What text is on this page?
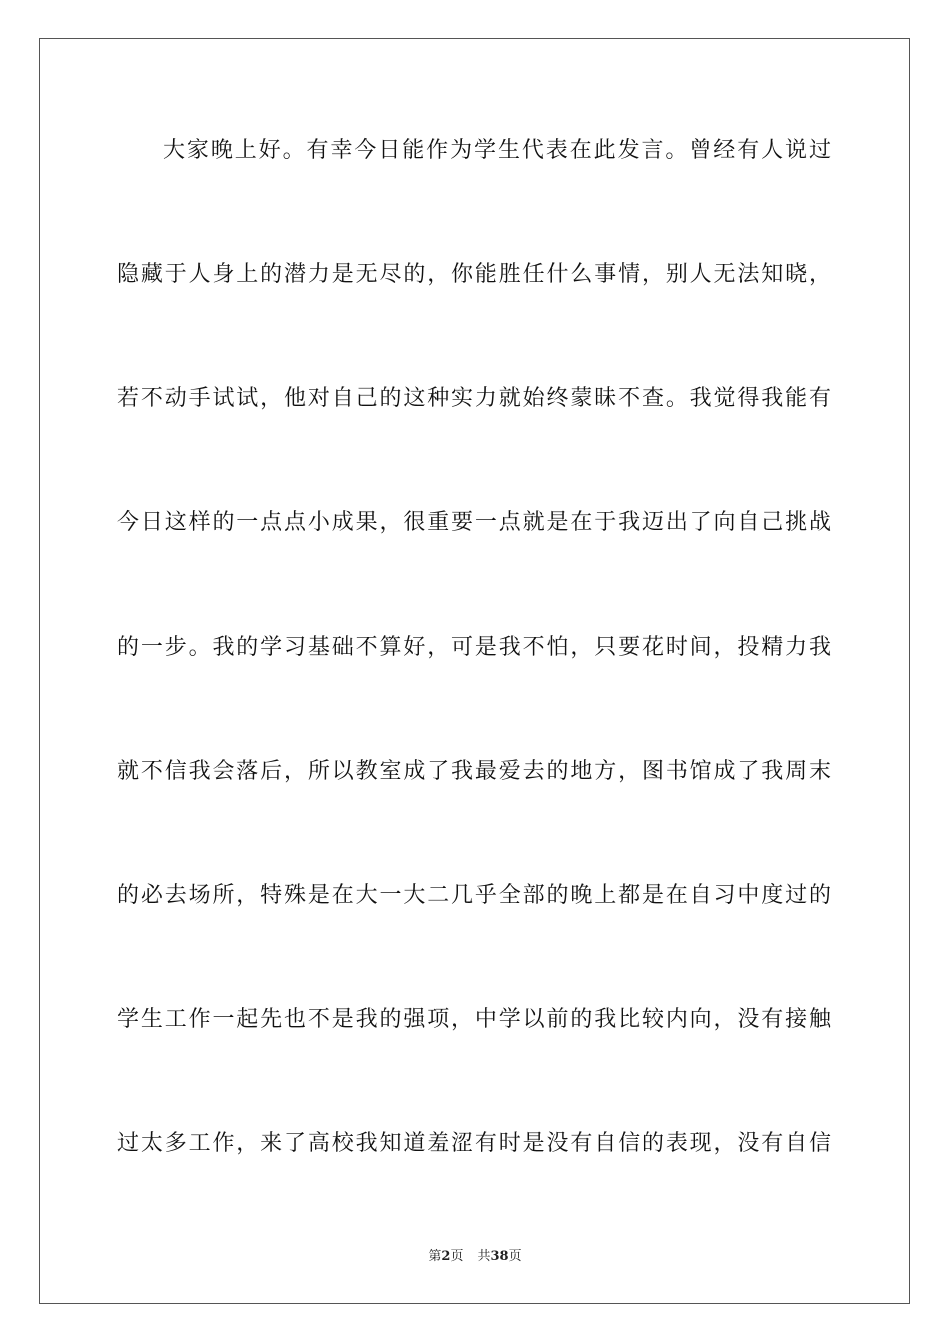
大家晚上好。有幸今日能作为学生代表在此发言。曾经有人说过
隐藏于人身上的潜力是无尽的，你能胜任什么事情，别人无法知晓，
若不动手试试，他对自己的这种实力就始终蒙昧不查。我觉得我能有
今日这样的一点点小成果，很重要一点就是在于我迈出了向自己挑战
的一步。我的学习基础不算好，可是我不怕，只要花时间，投精力我
就不信我会落后，所以教室成了我最爱去的地方，图书馆成了我周末
的必去场所，特殊是在大一大二几乎全部的晚上都是在自习中度过的
学生工作一起先也不是我的强项，中学以前的我比较内向，没有接触
过太多工作，来了高校我知道羞涩有时是没有自信的表现，没有自信
第2页 共38页
